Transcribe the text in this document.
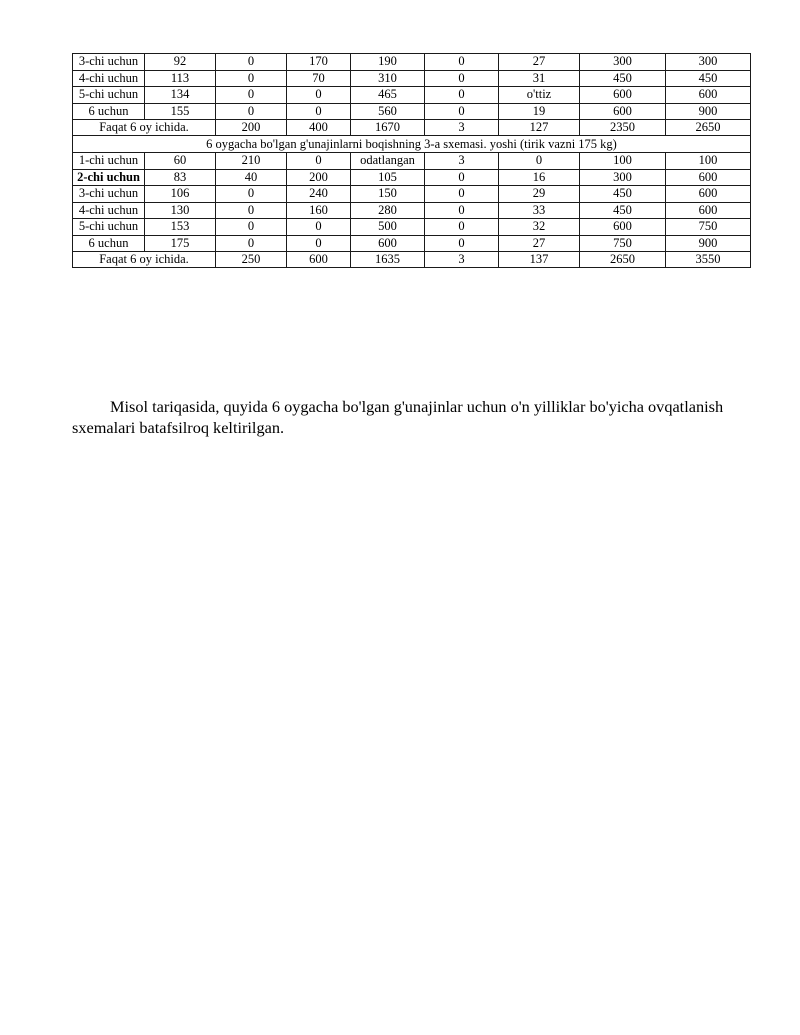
3-chi uchun	92	0	170	190	0	27	300	300
4-chi uchun	113	0	70	310	0	31	450	450
5-chi uchun	134	0	0	465	0	o'ttiz	600	600
6 uchun	155	0	0	560	0	19	600	900
Faqat 6 oy ichida.		200	400	1670	3	127	2350	2650
6 oygacha bo'lgan g'unajinlarni boqishning 3-a sxemasi. yoshi (tirik vazni 175 kg)								
1-chi uchun	60	210	0	odatlangan	3	0	100	100
2-chi uchun	83	40	200	105	0	16	300	600
3-chi uchun	106	0	240	150	0	29	450	600
4-chi uchun	130	0	160	280	0	33	450	600
5-chi uchun	153	0	0	500	0	32	600	750
6 uchun	175	0	0	600	0	27	750	900
Faqat 6 oy ichida.		250	600	1635	3	137	2650	3550

Misol tariqasida, quyida 6 oygacha bo'lgan g'unajinlar uchun o'n yilliklar bo'yicha ovqatlanish sxemalari batafsilroq keltirilgan.
